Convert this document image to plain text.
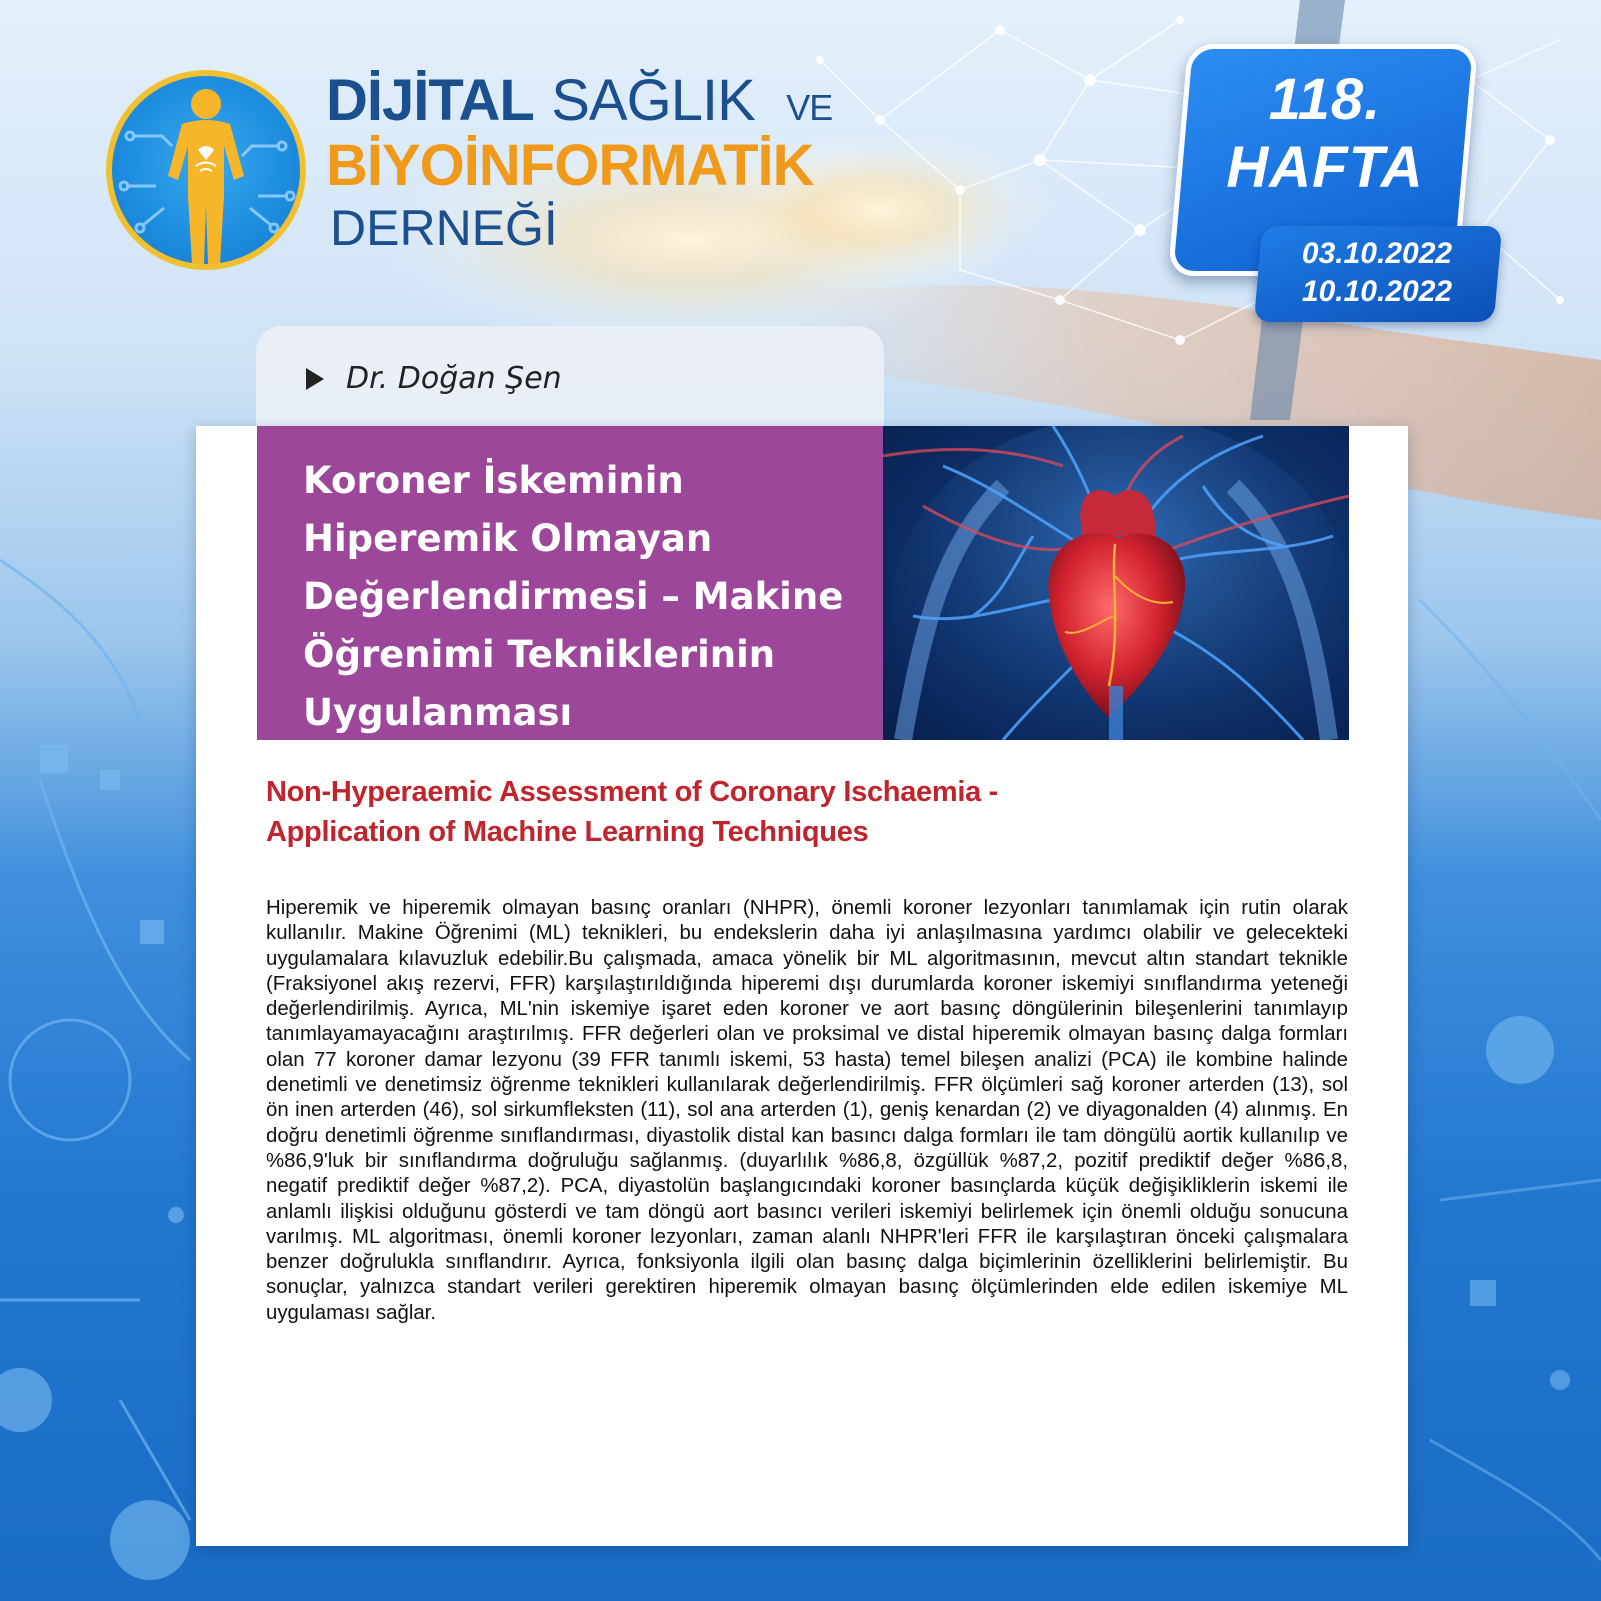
DİJİTAL SAĞLIK VE
BİYOİNFORMATİK
DERNEĞİ
118.
HAFTA
03.10.2022
10.10.2022
Dr. Doğan Şen
Koroner İskeminin Hiperemik Olmayan Değerlendirmesi – Makine Öğrenimi Tekniklerinin Uygulanması
Non-Hyperaemic Assessment of Coronary Ischaemia -
Application of Machine Learning Techniques
Hiperemik ve hiperemik olmayan basınç oranları (NHPR), önemli koroner lezyonları tanımlamak için rutin olarak kullanılır. Makine Öğrenimi (ML) teknikleri, bu endekslerin daha iyi anlaşılmasına yardımcı olabilir ve gelecekteki uygulamalara kılavuzluk edebilir.Bu çalışmada, amaca yönelik bir ML algoritmasının, mevcut altın standart teknikle (Fraksiyonel akış rezervi, FFR) karşılaştırıldığında hiperemi dışı durumlarda koroner iskemiyi sınıflandırma yeteneği değerlendirilmiş. Ayrıca, ML'nin iskemiye işaret eden koroner ve aort basınç döngülerinin bileşenlerini tanımlayıp tanımlayamayacağını araştırılmış. FFR değerleri olan ve proksimal ve distal hiperemik olmayan basınç dalga formları olan 77 koroner damar lezyonu (39 FFR tanımlı iskemi, 53 hasta) temel bileşen analizi (PCA) ile kombine halinde denetimli ve denetimsiz öğrenme teknikleri kullanılarak değerlendirilmiş. FFR ölçümleri sağ koroner arterden (13), sol ön inen arterden (46), sol sirkumfleksten (11), sol ana arterden (1), geniş kenardan (2) ve diyagonalden (4) alınmış. En doğru denetimli öğrenme sınıflandırması, diyastolik distal kan basıncı dalga formları ile tam döngülü aortik kullanılıp ve %86,9'luk bir sınıflandırma doğruluğu sağlanmış. (duyarlılık %86,8, özgüllük %87,2, pozitif prediktif değer %86,8, negatif prediktif değer %87,2). PCA, diyastolün başlangıcındaki koroner basınçlarda küçük değişikliklerin iskemi ile anlamlı ilişkisi olduğunu gösterdi ve tam döngü aort basıncı verileri iskemiyi belirlemek için önemli olduğu sonucuna varılmış. ML algoritması, önemli koroner lezyonları, zaman alanlı NHPR'leri FFR ile karşılaştıran önceki çalışmalara benzer doğrulukla sınıflandırır. Ayrıca, fonksiyonla ilgili olan basınç dalga biçimlerinin özelliklerini belirlemiştir. Bu sonuçlar, yalnızca standart verileri gerektiren hiperemik olmayan basınç ölçümlerinden elde edilen iskemiye ML uygulaması sağlar.
